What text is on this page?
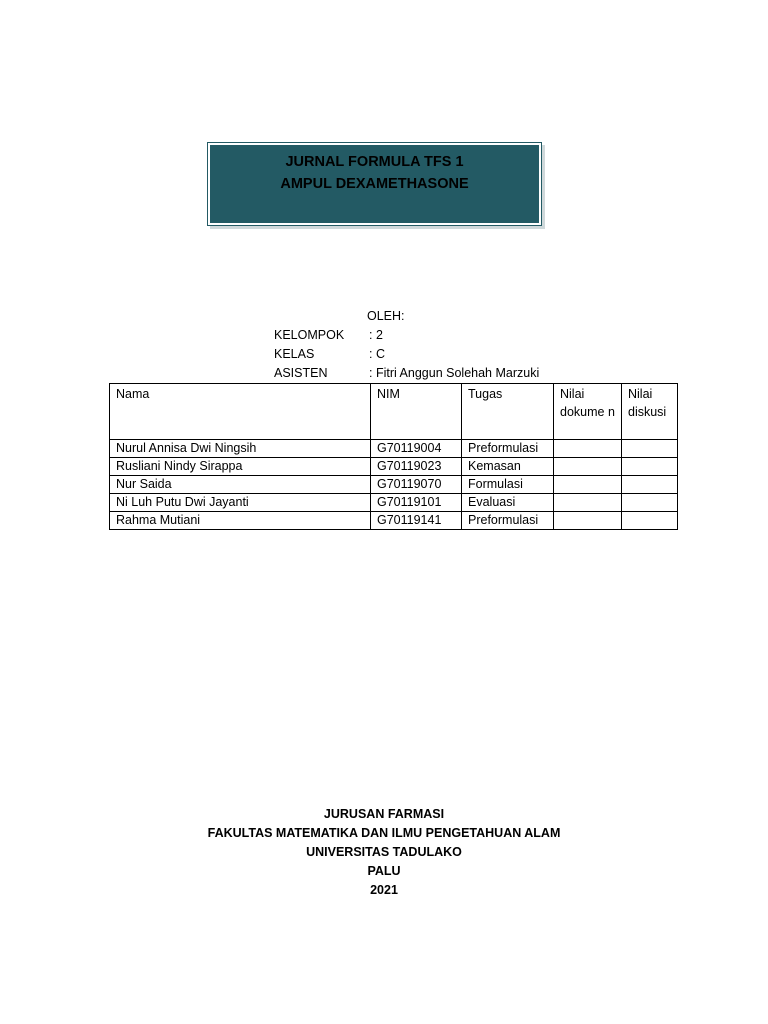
JURNAL FORMULA TFS 1
AMPUL DEXAMETHASONE
OLEH:
KELOMPOK : 2
KELAS	: C
ASISTEN	: Fitri Anggun Solehah Marzuki
Nama	NIM	Tugas	Nilai dokume n	Nilai diskusi
Nurul Annisa Dwi Ningsih	G70119004	Preformulasi		
Rusliani Nindy Sirappa	G70119023	Kemasan		
Nur Saida	G70119070	Formulasi		
Ni Luh Putu Dwi Jayanti	G70119101	Evaluasi		
Rahma Mutiani	G70119141	Preformulasi		
JURUSAN FARMASI
FAKULTAS MATEMATIKA DAN ILMU PENGETAHUAN ALAM
UNIVERSITAS TADULAKO
PALU
2021
